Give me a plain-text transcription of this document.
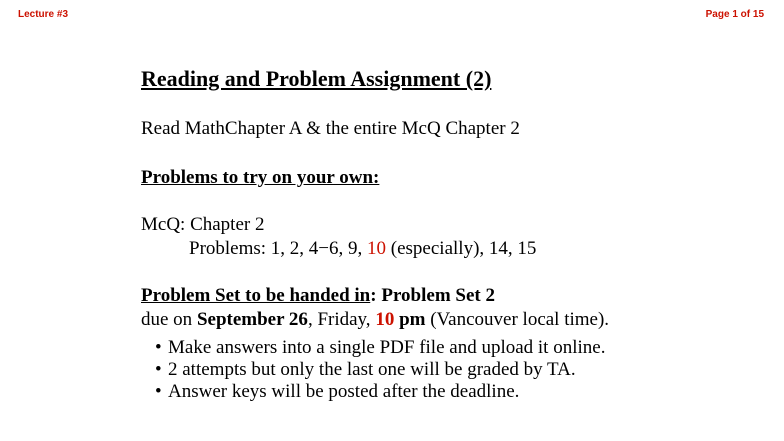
Lecture #3	Page 1 of 15
Reading and Problem Assignment (2)
Read MathChapter A & the entire McQ Chapter 2
Problems to try on your own:
McQ: Chapter 2
Problems: 1, 2, 4−6, 9, 10 (especially), 14, 15
Problem Set to be handed in: Problem Set 2
due on September 26, Friday, 10 pm (Vancouver local time).
• Make answers into a single PDF file and upload it online.
• 2 attempts but only the last one will be graded by TA.
• Answer keys will be posted after the deadline.
